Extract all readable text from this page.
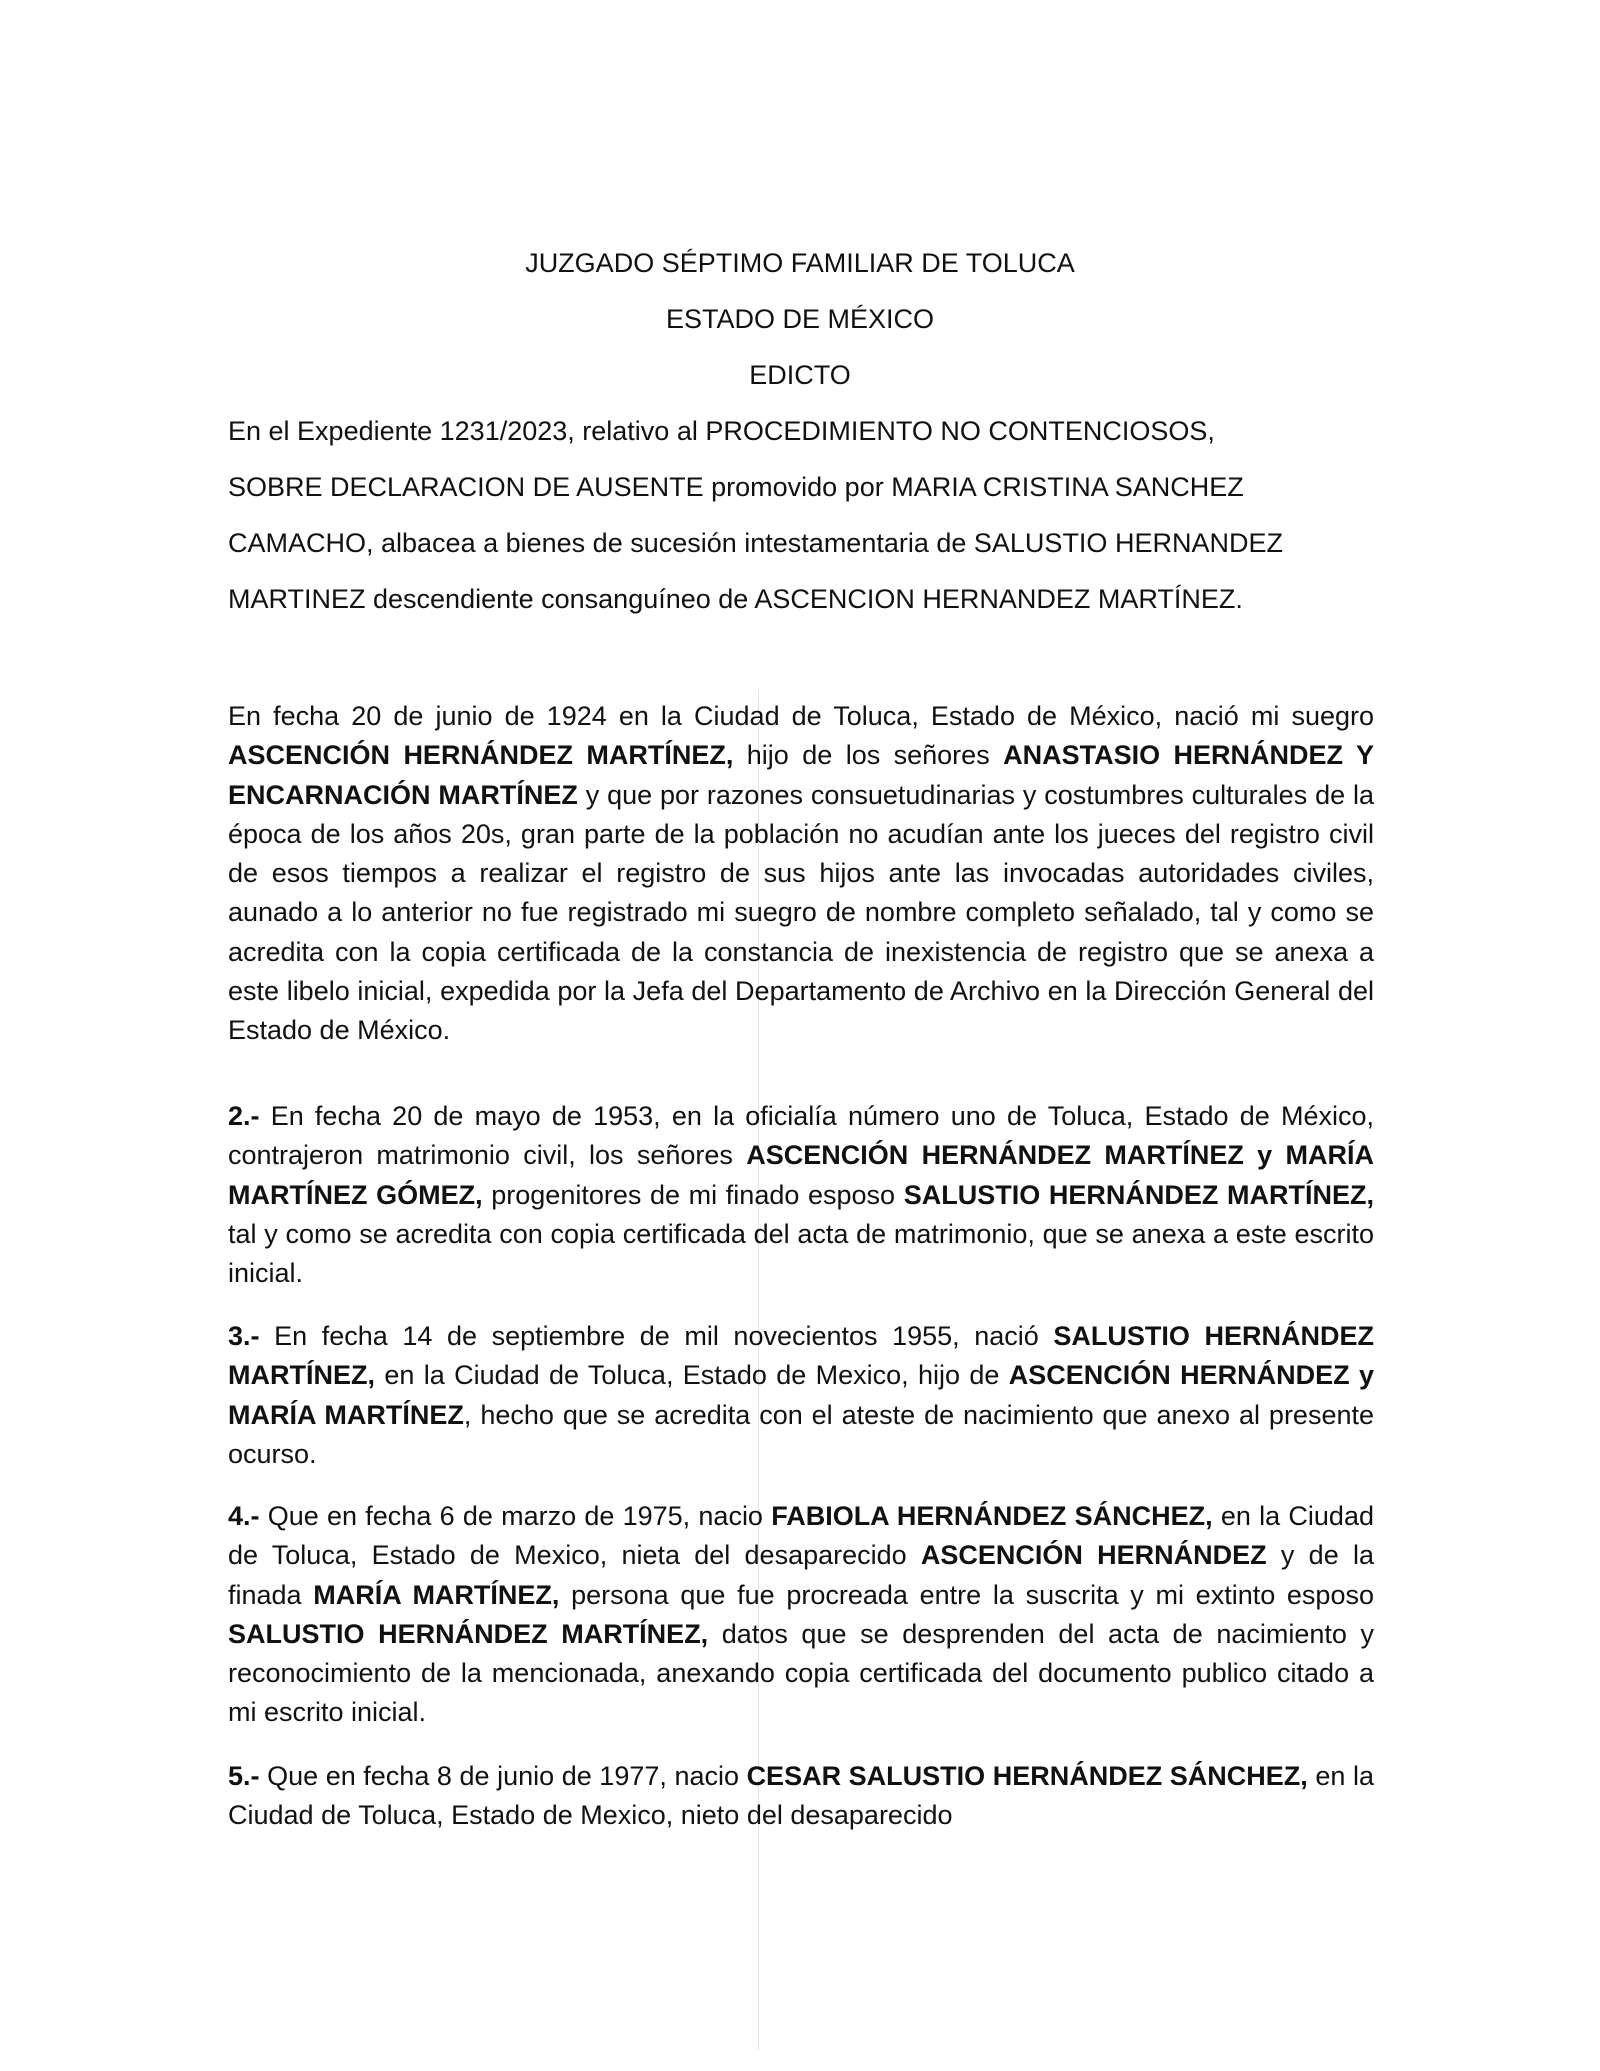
JUZGADO SÉPTIMO FAMILIAR DE TOLUCA

ESTADO DE MÉXICO

EDICTO

En el Expediente 1231/2023, relativo al PROCEDIMIENTO NO CONTENCIOSOS,

SOBRE DECLARACION DE AUSENTE promovido por MARIA CRISTINA SANCHEZ

CAMACHO, albacea a bienes de sucesión intestamentaria de SALUSTIO HERNANDEZ

MARTINEZ descendiente consanguíneo de ASCENCION HERNANDEZ MARTÍNEZ.

En fecha 20 de junio de 1924 en la Ciudad de Toluca, Estado de México, nació mi suegro ASCENCIÓN HERNÁNDEZ MARTÍNEZ, hijo de los señores ANASTASIO HERNÁNDEZ Y ENCARNACIÓN MARTÍNEZ y que por razones consuetudinarias y costumbres culturales de la época de los años 20s, gran parte de la población no acudían ante los jueces del registro civil de esos tiempos a realizar el registro de sus hijos ante las invocadas autoridades civiles, aunado a lo anterior no fue registrado mi suegro de nombre completo señalado, tal y como se acredita con la copia certificada de la constancia de inexistencia de registro que se anexa a este libelo inicial, expedida por la Jefa del Departamento de Archivo en la Dirección General del Estado de México.

2.- En fecha 20 de mayo de 1953, en la oficialía número uno de Toluca, Estado de México, contrajeron matrimonio civil, los señores ASCENCIÓN HERNÁNDEZ MARTÍNEZ y MARÍA MARTÍNEZ GÓMEZ, progenitores de mi finado esposo SALUSTIO HERNÁNDEZ MARTÍNEZ, tal y como se acredita con copia certificada del acta de matrimonio, que se anexa a este escrito inicial.

3.- En fecha 14 de septiembre de mil novecientos 1955, nació SALUSTIO HERNÁNDEZ MARTÍNEZ, en la Ciudad de Toluca, Estado de Mexico, hijo de ASCENCIÓN HERNÁNDEZ y MARÍA MARTÍNEZ, hecho que se acredita con el ateste de nacimiento que anexo al presente ocurso.

4.- Que en fecha 6 de marzo de 1975, nacio FABIOLA HERNÁNDEZ SÁNCHEZ, en la Ciudad de Toluca, Estado de Mexico, nieta del desaparecido ASCENCIÓN HERNÁNDEZ y de la finada MARÍA MARTÍNEZ, persona que fue procreada entre la suscrita y mi extinto esposo SALUSTIO HERNÁNDEZ MARTÍNEZ, datos que se desprenden del acta de nacimiento y reconocimiento de la mencionada, anexando copia certificada del documento publico citado a mi escrito inicial.

5.- Que en fecha 8 de junio de 1977, nacio CESAR SALUSTIO HERNÁNDEZ SÁNCHEZ, en la Ciudad de Toluca, Estado de Mexico, nieto del desaparecido
